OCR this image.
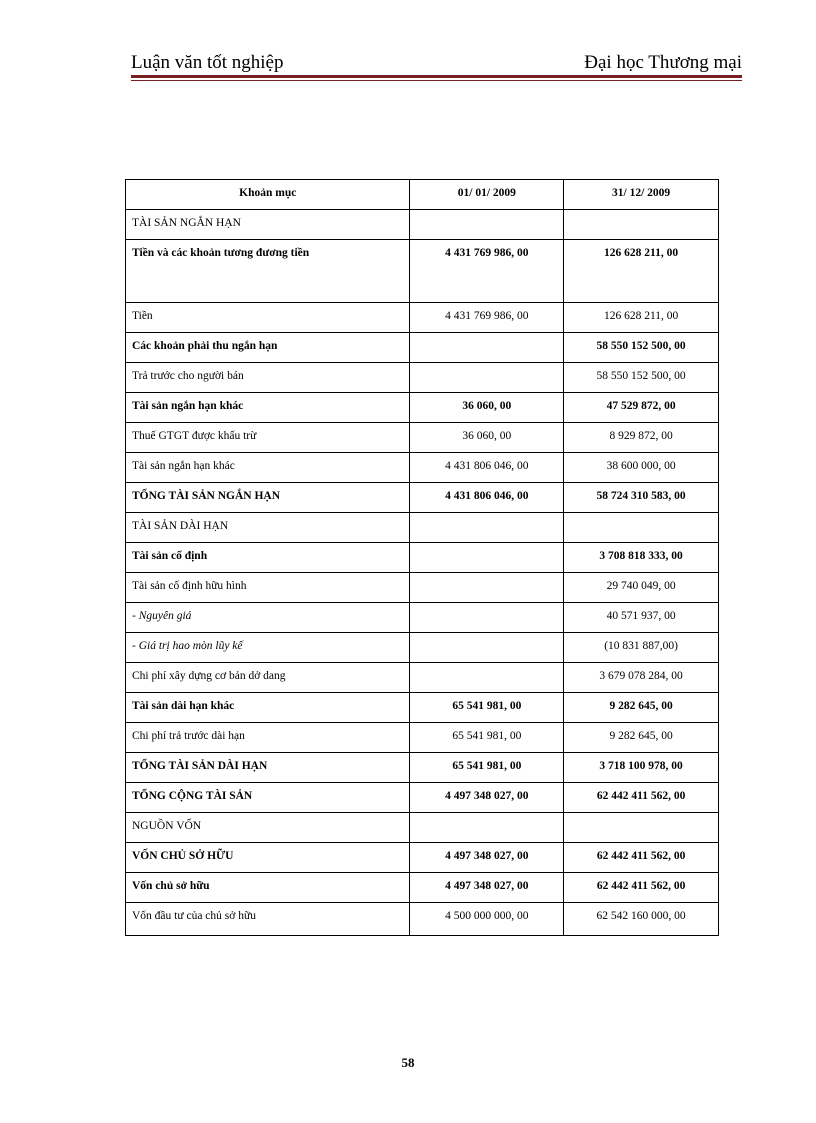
Luận văn tốt nghiệp	Đại học Thương mại
Khoản mục	01/ 01/ 2009	31/ 12/ 2009
TÀI SẢN NGẮN HẠN		
Tiền và các khoản tương đương tiền	4 431 769 986, 00	126 628 211, 00
Tiền	4 431 769 986, 00	126 628 211, 00
Các khoản phải thu ngắn hạn		58 550 152 500, 00
Trả trước cho người bán		58 550 152 500, 00
Tài sản ngắn hạn khác	36 060, 00	47 529 872, 00
Thuế GTGT được khấu trừ	36 060, 00	8 929 872, 00
Tài sản ngắn hạn khác	4 431 806 046, 00	38 600 000, 00
TỔNG TÀI SẢN NGẮN HẠN	4 431 806 046, 00	58 724 310 583, 00
TÀI SẢN DÀI HẠN		
Tài sản cố định		3 708 818 333, 00
Tài sản cố định hữu hình		29 740 049, 00
- Nguyên giá		40 571 937, 00
- Giá trị hao mòn lũy kế		(10 831 887,00)
Chi phí xây dựng cơ bản dở dang		3 679 078 284, 00
Tài sản dài hạn khác	65 541 981, 00	9 282 645, 00
Chi phí trả trước dài hạn	65 541 981, 00	9 282 645, 00
TỔNG TÀI SẢN DÀI HẠN	65 541 981, 00	3 718 100 978, 00
TỔNG CỘNG TÀI SẢN	4 497 348 027, 00	62 442 411 562, 00
NGUỒN VỐN		
VỐN CHỦ SỞ HỮU	4 497 348 027, 00	62 442 411 562, 00
Vốn chủ sở hữu	4 497 348 027, 00	62 442 411 562, 00
Vốn đầu tư của chủ sở hữu	4 500 000 000, 00	62 542 160 000, 00
58
